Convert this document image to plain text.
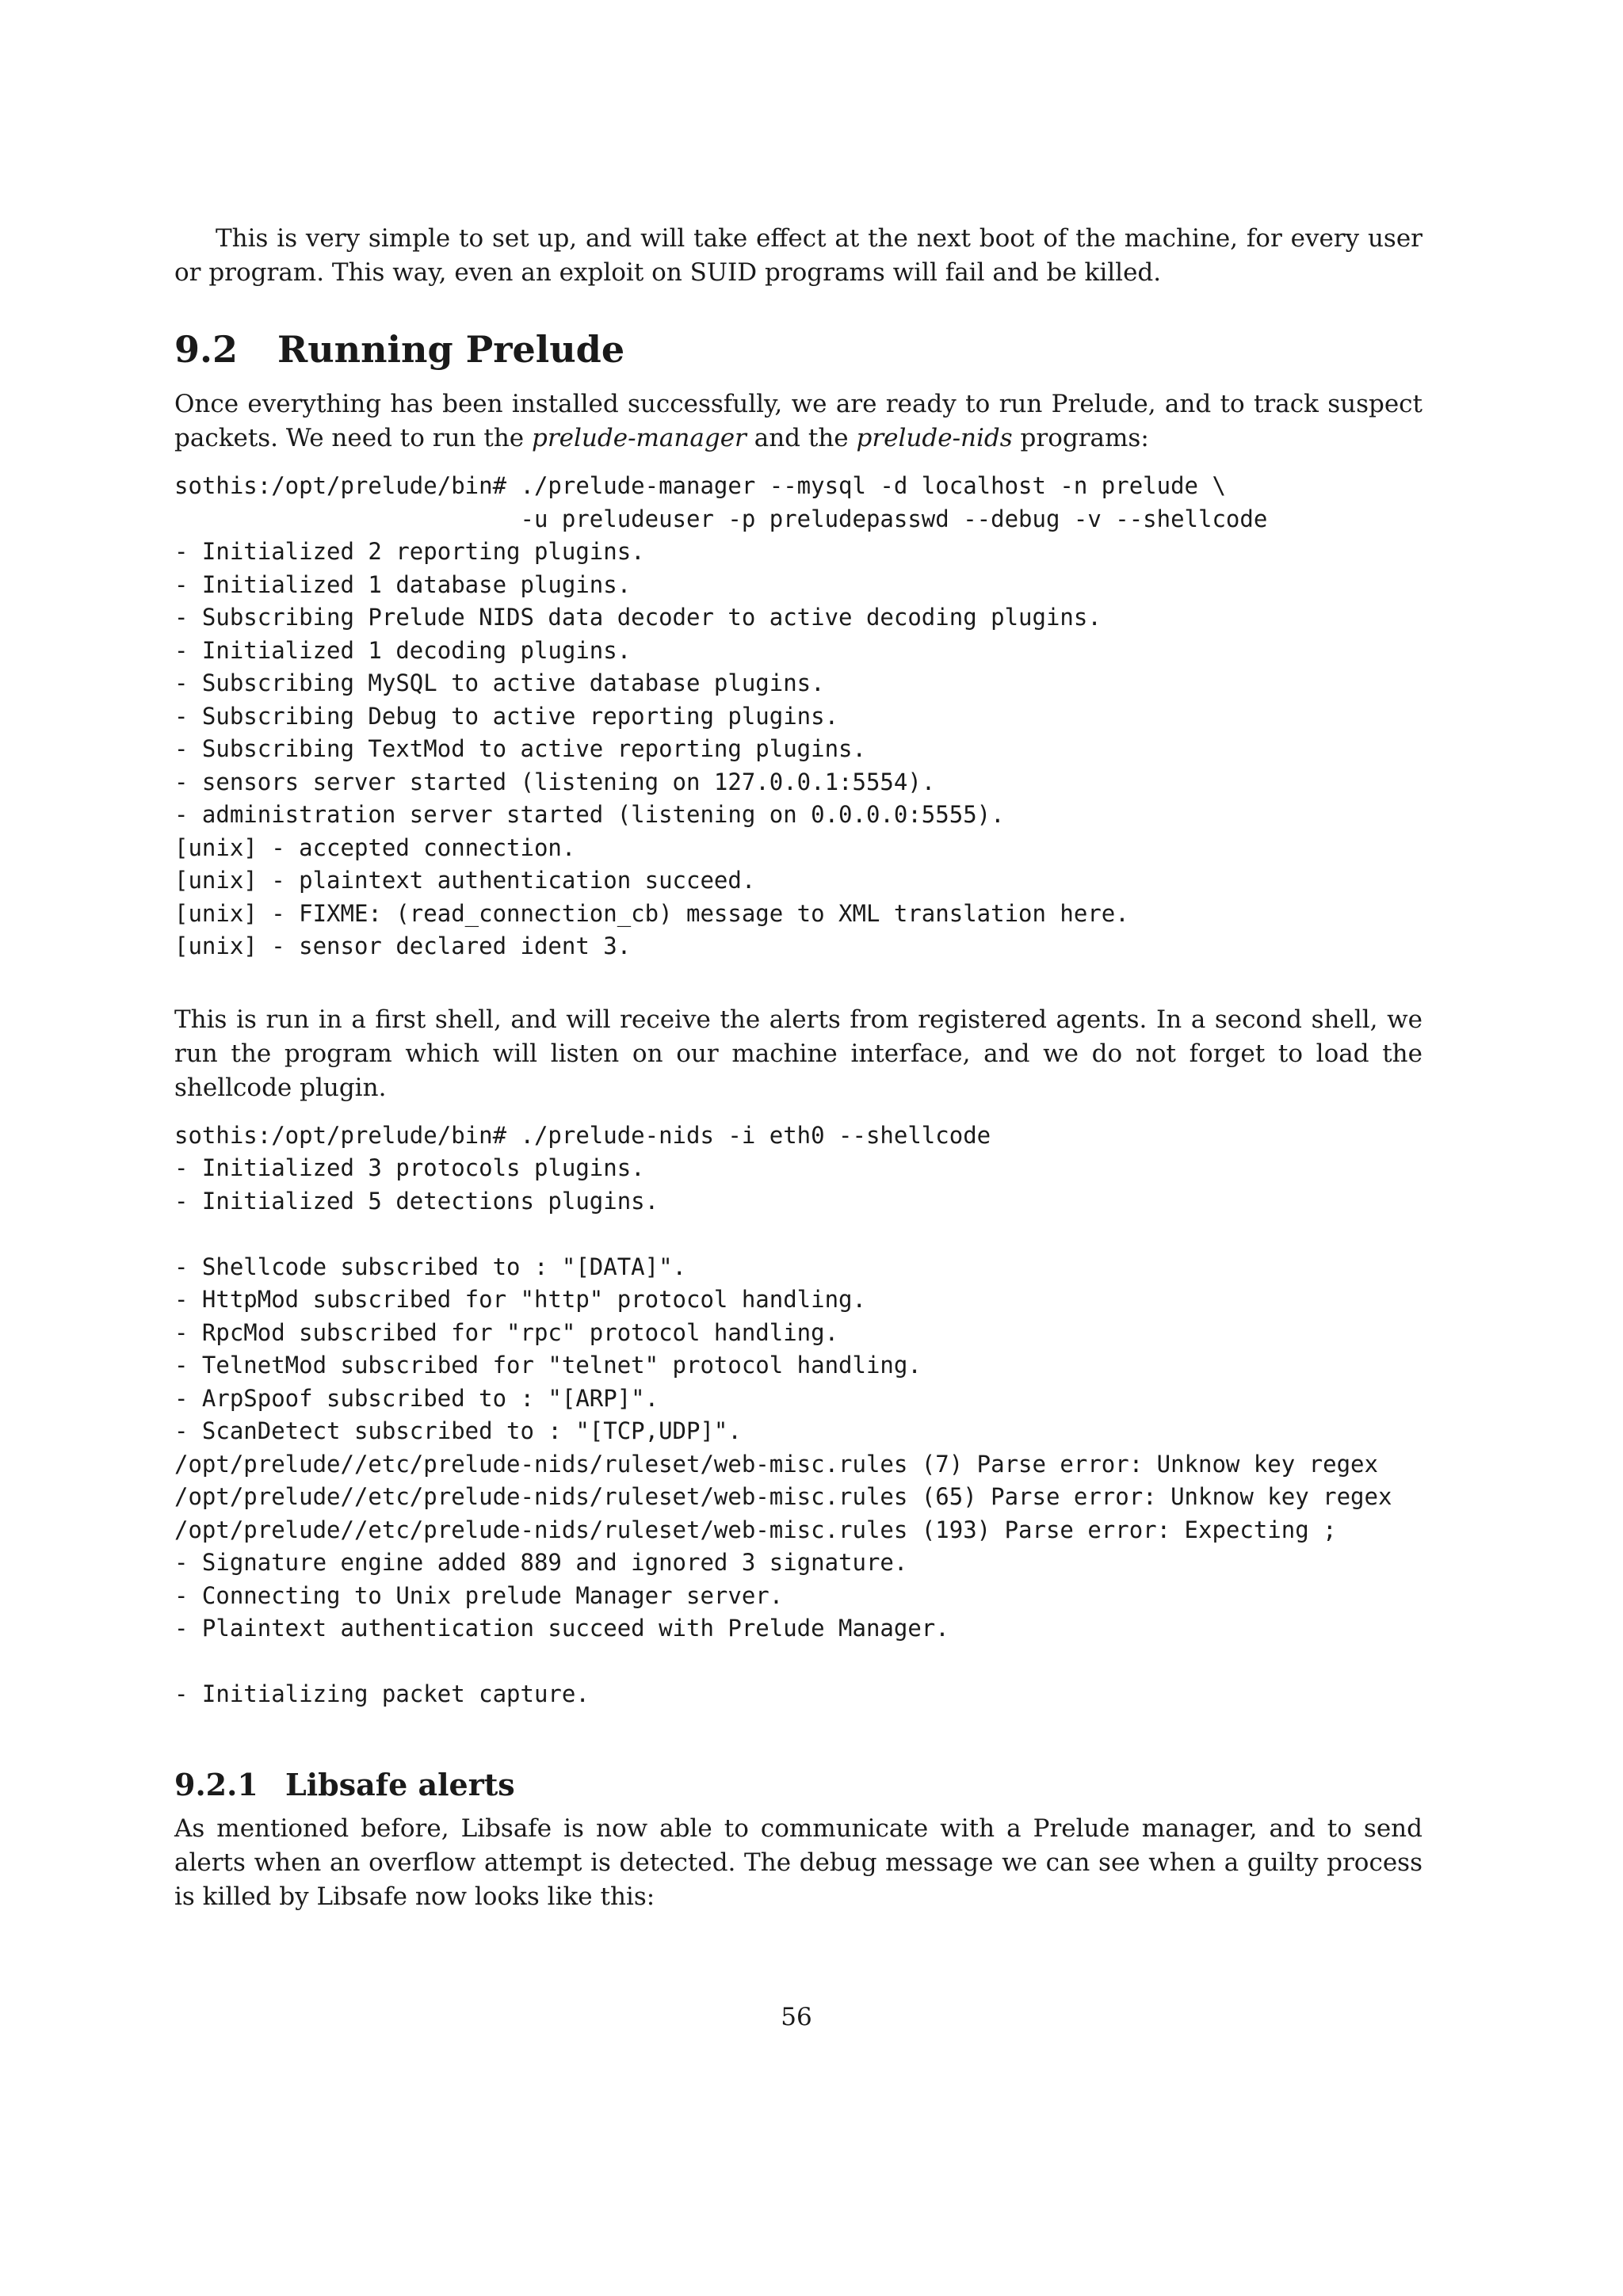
This is very simple to set up, and will take effect at the next boot of the machine, for every user or program. This way, even an exploit on SUID programs will fail and be killed.

9.2 Running Prelude

Once everything has been installed successfully, we are ready to run Prelude, and to track suspect packets. We need to run the prelude-manager and the prelude-nids programs:

sothis:/opt/prelude/bin# ./prelude-manager --mysql -d localhost -n prelude \
-u preludeuser -p preludepasswd --debug -v --shellcode
- Initialized 2 reporting plugins.
- Initialized 1 database plugins.
- Subscribing Prelude NIDS data decoder to active decoding plugins.
- Initialized 1 decoding plugins.
- Subscribing MySQL to active database plugins.
- Subscribing Debug to active reporting plugins.
- Subscribing TextMod to active reporting plugins.
- sensors server started (listening on 127.0.0.1:5554).
- administration server started (listening on 0.0.0.0:5555).
[unix] - accepted connection.
[unix] - plaintext authentication succeed.
[unix] - FIXME: (read_connection_cb) message to XML translation here.
[unix] - sensor declared ident 3.

This is run in a first shell, and will receive the alerts from registered agents. In a second shell, we run the program which will listen on our machine interface, and we do not forget to load the shellcode plugin.

sothis:/opt/prelude/bin# ./prelude-nids -i eth0 --shellcode
- Initialized 3 protocols plugins.
- Initialized 5 detections plugins.

- Shellcode subscribed to : "[DATA]".
- HttpMod subscribed for "http" protocol handling.
- RpcMod subscribed for "rpc" protocol handling.
- TelnetMod subscribed for "telnet" protocol handling.
- ArpSpoof subscribed to : "[ARP]".
- ScanDetect subscribed to : "[TCP,UDP]".
/opt/prelude//etc/prelude-nids/ruleset/web-misc.rules (7) Parse error: Unknow key regex
/opt/prelude//etc/prelude-nids/ruleset/web-misc.rules (65) Parse error: Unknow key regex
/opt/prelude//etc/prelude-nids/ruleset/web-misc.rules (193) Parse error: Expecting ;
- Signature engine added 889 and ignored 3 signature.
- Connecting to Unix prelude Manager server.
- Plaintext authentication succeed with Prelude Manager.

- Initializing packet capture.
9.2.1 Libsafe alerts

As mentioned before, Libsafe is now able to communicate with a Prelude manager, and to send alerts when an overflow attempt is detected. The debug message we can see when a guilty process is killed by Libsafe now looks like this:

56
